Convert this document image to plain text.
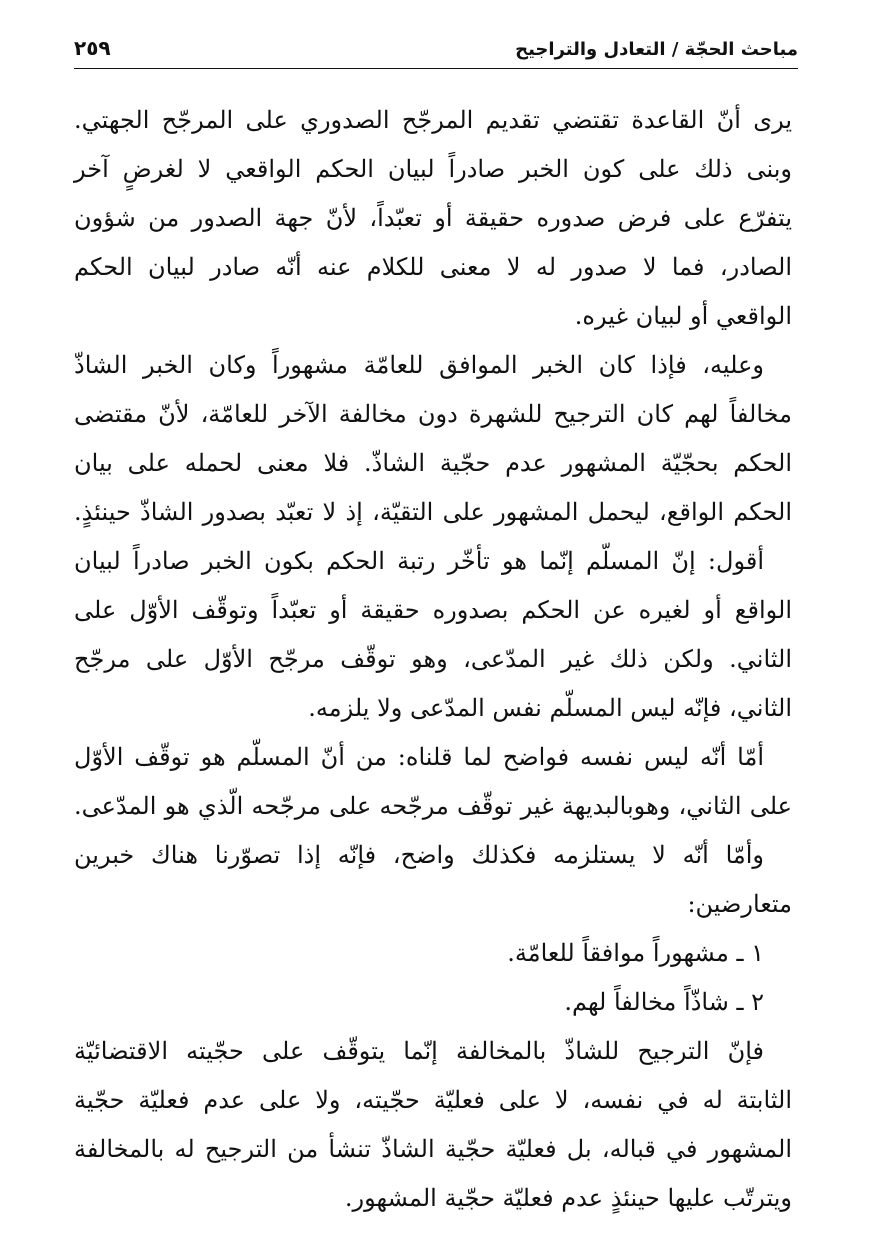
مباحث الحجّة / التعادل والتراجيح
٢٥٩
يرى أنّ القاعدة تقتضي تقديم المرجّح الصدوري على المرجّح الجهتي.
وبنى ذلك على كون الخبر صادراً لبيان الحكم الواقعي لا لغرضٍ آخر
يتفرّع على فرض صدوره حقيقة أو تعبّداً، لأنّ جهة الصدور من شؤون
الصادر، فما لا صدور له لا معنى للكلام عنه أنّه صادر لبيان الحكم
الواقعي أو لبيان غيره.
وعليه، فإذا كان الخبر الموافق للعامّة مشهوراً وكان الخبر الشاذّ
مخالفاً لهم كان الترجيح للشهرة دون مخالفة الآخر للعامّة، لأنّ مقتضى
الحكم بحجّيّة المشهور عدم حجّية الشاذّ. فلا معنى لحمله على بيان
الحكم الواقع، ليحمل المشهور على التقيّة، إذ لا تعبّد بصدور الشاذّ حينئذٍ.
أقول: إنّ المسلّم إنّما هو تأخّر رتبة الحكم بكون الخبر صادراً لبيان
الواقع أو لغيره عن الحكم بصدوره حقيقة أو تعبّداً وتوقّف الأوّل على
الثاني. ولكن ذلك غير المدّعى، وهو توقّف مرجّح الأوّل على مرجّح
الثاني، فإنّه ليس المسلّم نفس المدّعى ولا يلزمه.
أمّا أنّه ليس نفسه فواضح لما قلناه: من أنّ المسلّم هو توقّف الأوّل
على الثاني، وهوبالبديهة غير توقّف مرجّحه على مرجّحه الّذي هو المدّعى.
وأمّا أنّه لا يستلزمه فكذلك واضح، فإنّه إذا تصوّرنا هناك خبرين
متعارضين:
١ ـ مشهوراً موافقاً للعامّة.
٢ ـ شاذّاً مخالفاً لهم.
فإنّ الترجيح للشاذّ بالمخالفة إنّما يتوقّف على حجّيته الاقتضائيّة
الثابتة له في نفسه، لا على فعليّة حجّيته، ولا على عدم فعليّة حجّية
المشهور في قباله، بل فعليّة حجّية الشاذّ تنشأ من الترجيح له بالمخالفة
ويترتّب عليها حينئذٍ عدم فعليّة حجّية المشهور.
